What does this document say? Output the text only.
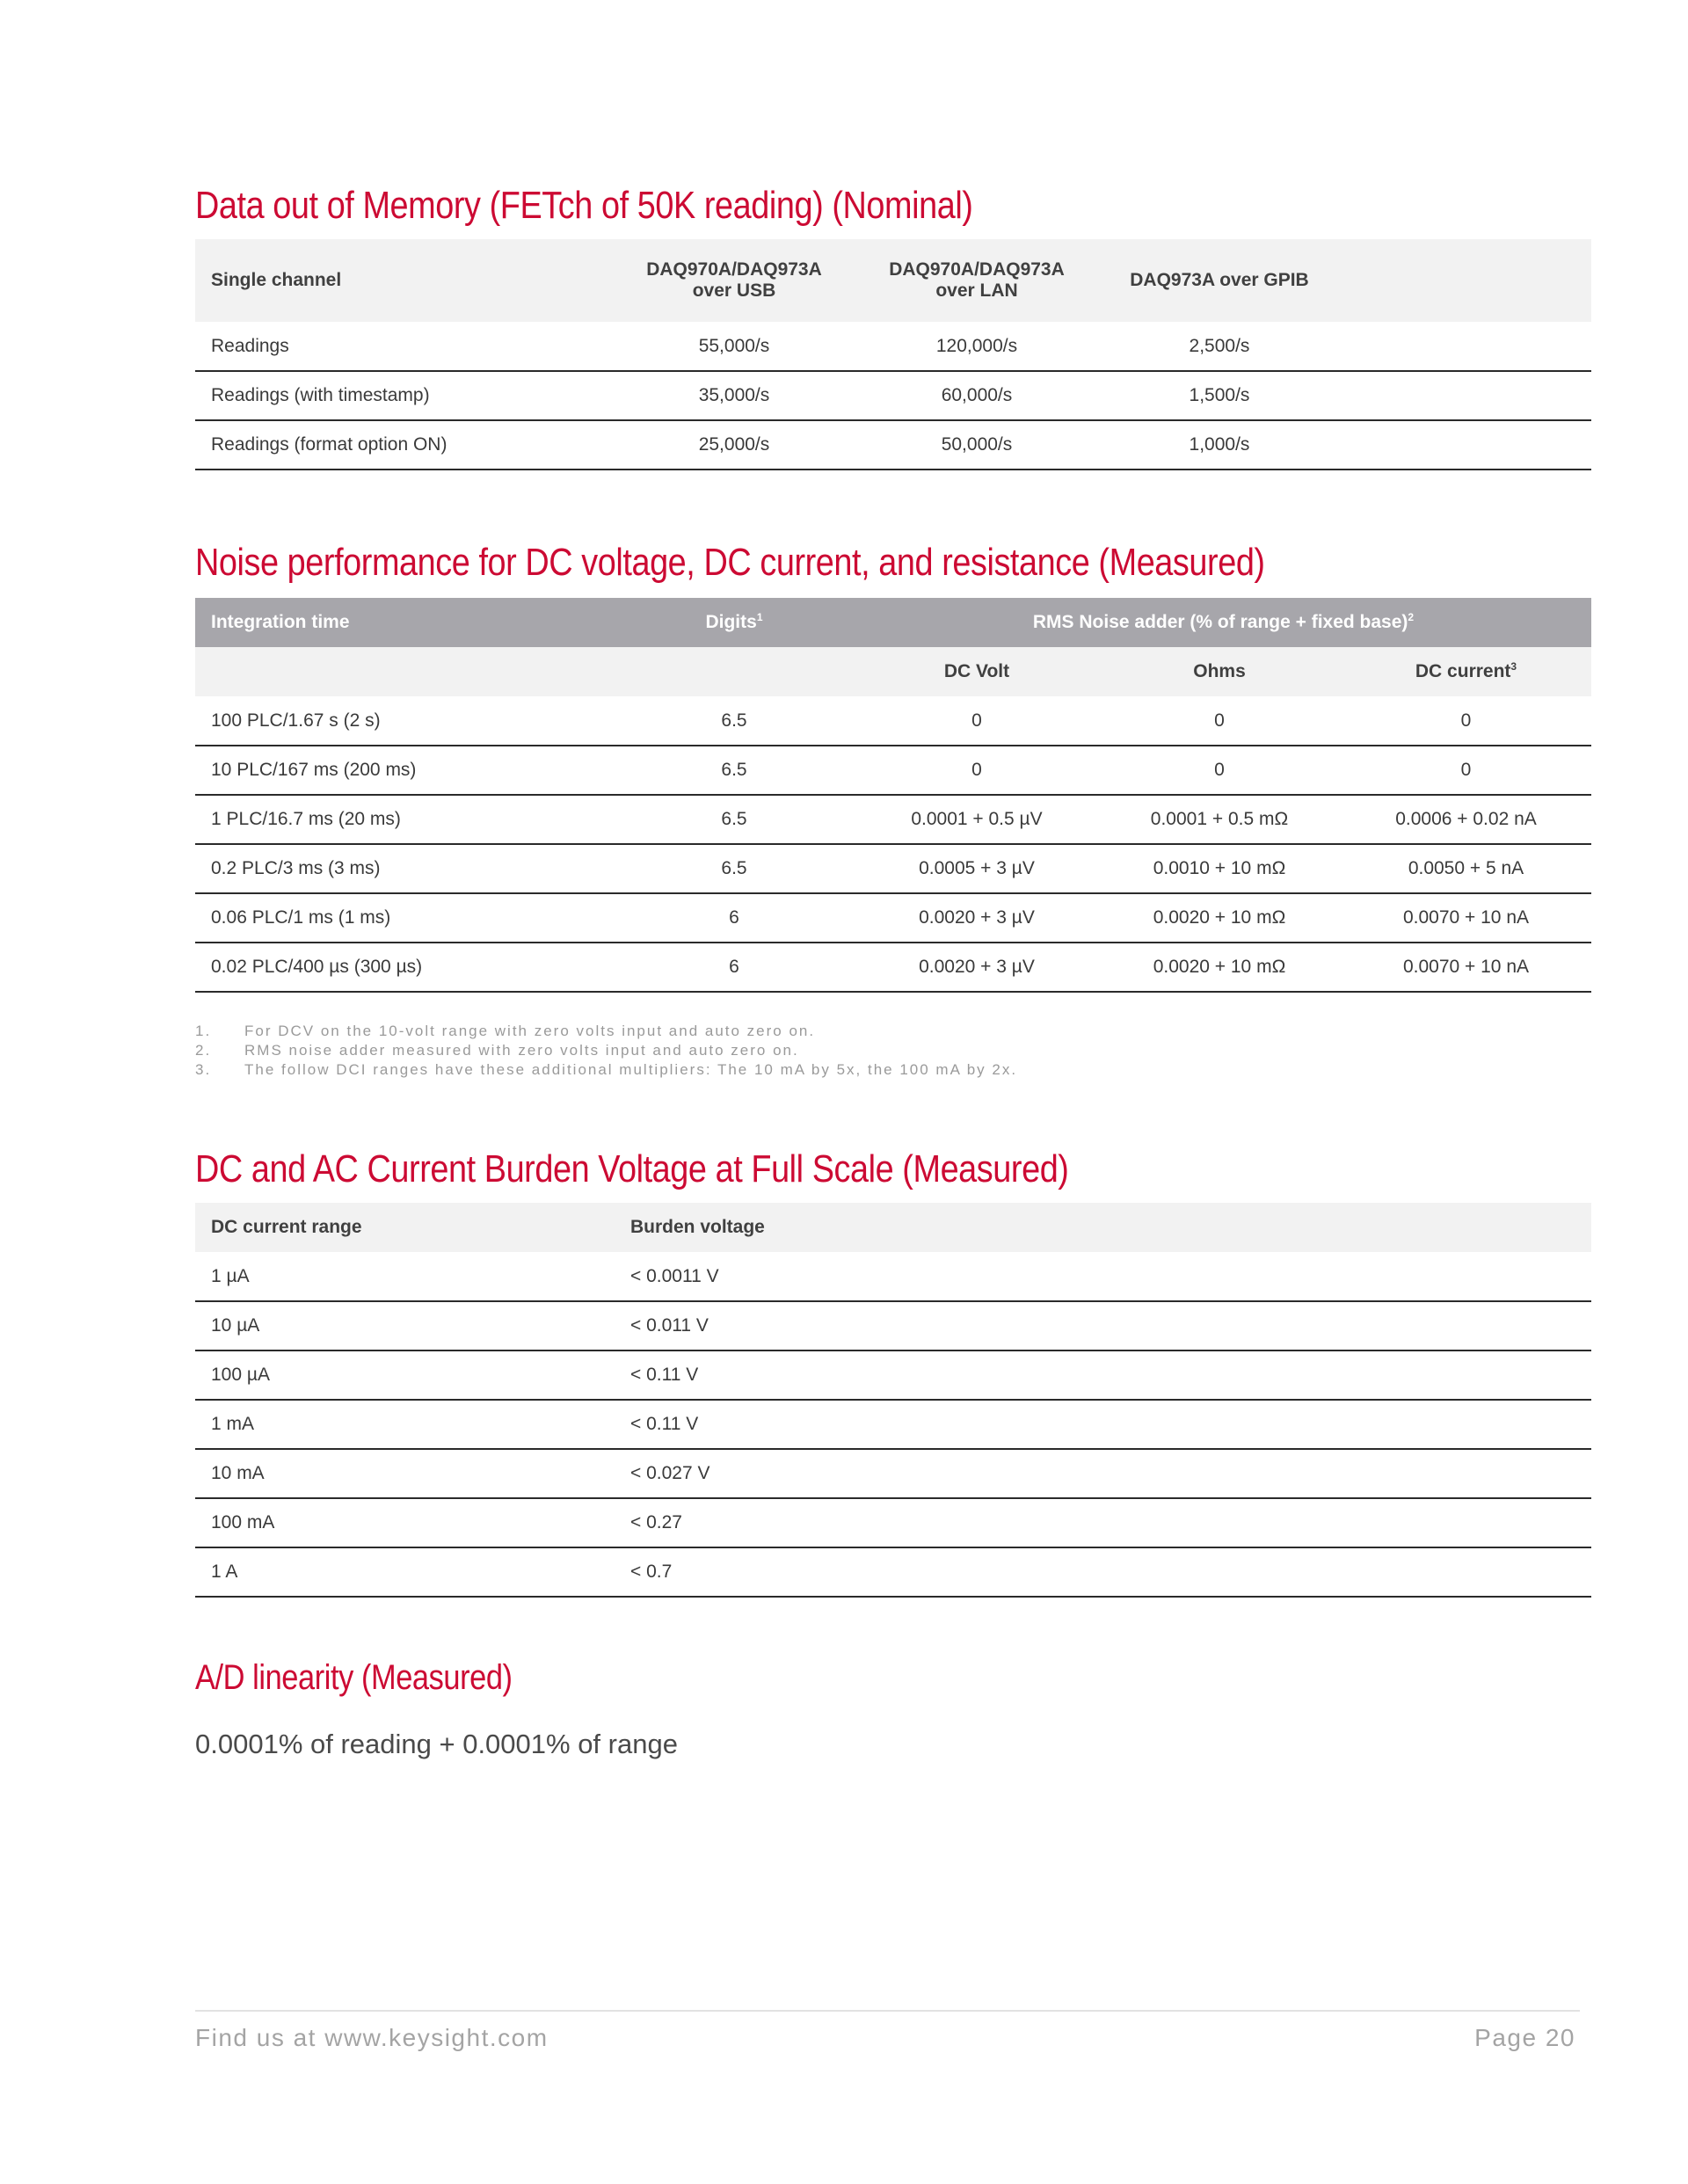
Data out of Memory (FETch of 50K reading) (Nominal)
Single channel	DAQ970A/DAQ973A over USB	DAQ970A/DAQ973A over LAN	DAQ973A over GPIB	
Readings	55,000/s	120,000/s	2,500/s	
Readings (with timestamp)	35,000/s	60,000/s	1,500/s	
Readings (format option ON)	25,000/s	50,000/s	1,000/s	
Noise performance for DC voltage, DC current, and resistance (Measured)
Integration time	Digits$^1$	RMS Noise adder (% of range + fixed base)$^2$
		DC Volt	Ohms	DC current$^3$
100 PLC/1.67 s (2 s)	6.5	0	0	0
10 PLC/167 ms (200 ms)	6.5	0	0	0
1 PLC/16.7 ms (20 ms)	6.5	0.0001 + 0.5 µV	0.0001 + 0.5 mΩ	0.0006 + 0.02 nA
0.2 PLC/3 ms (3 ms)	6.5	0.0005 + 3 µV	0.0010 + 10 mΩ	0.0050 + 5 nA
0.06 PLC/1 ms (1 ms)	6	0.0020 + 3 µV	0.0020 + 10 mΩ	0.0070 + 10 nA
0.02 PLC/400 µs (300 µs)	6	0.0020 + 3 µV	0.0020 + 10 mΩ	0.0070 + 10 nA
1. For DCV on the 10-volt range with zero volts input and auto zero on.
2. RMS noise adder measured with zero volts input and auto zero on.
3. The follow DCI ranges have these additional multipliers: The 10 mA by 5x, the 100 mA by 2x.
DC and AC Current Burden Voltage at Full Scale (Measured)
DC current range	Burden voltage
1 µA	< 0.0011 V
10 µA	< 0.011 V
100 µA	< 0.11 V
1 mA	< 0.11 V
10 mA	< 0.027 V
100 mA	< 0.27
1 A	< 0.7
A/D linearity (Measured)

0.0001% of reading + 0.0001% of range

Find us at www.keysight.com	Page 20
